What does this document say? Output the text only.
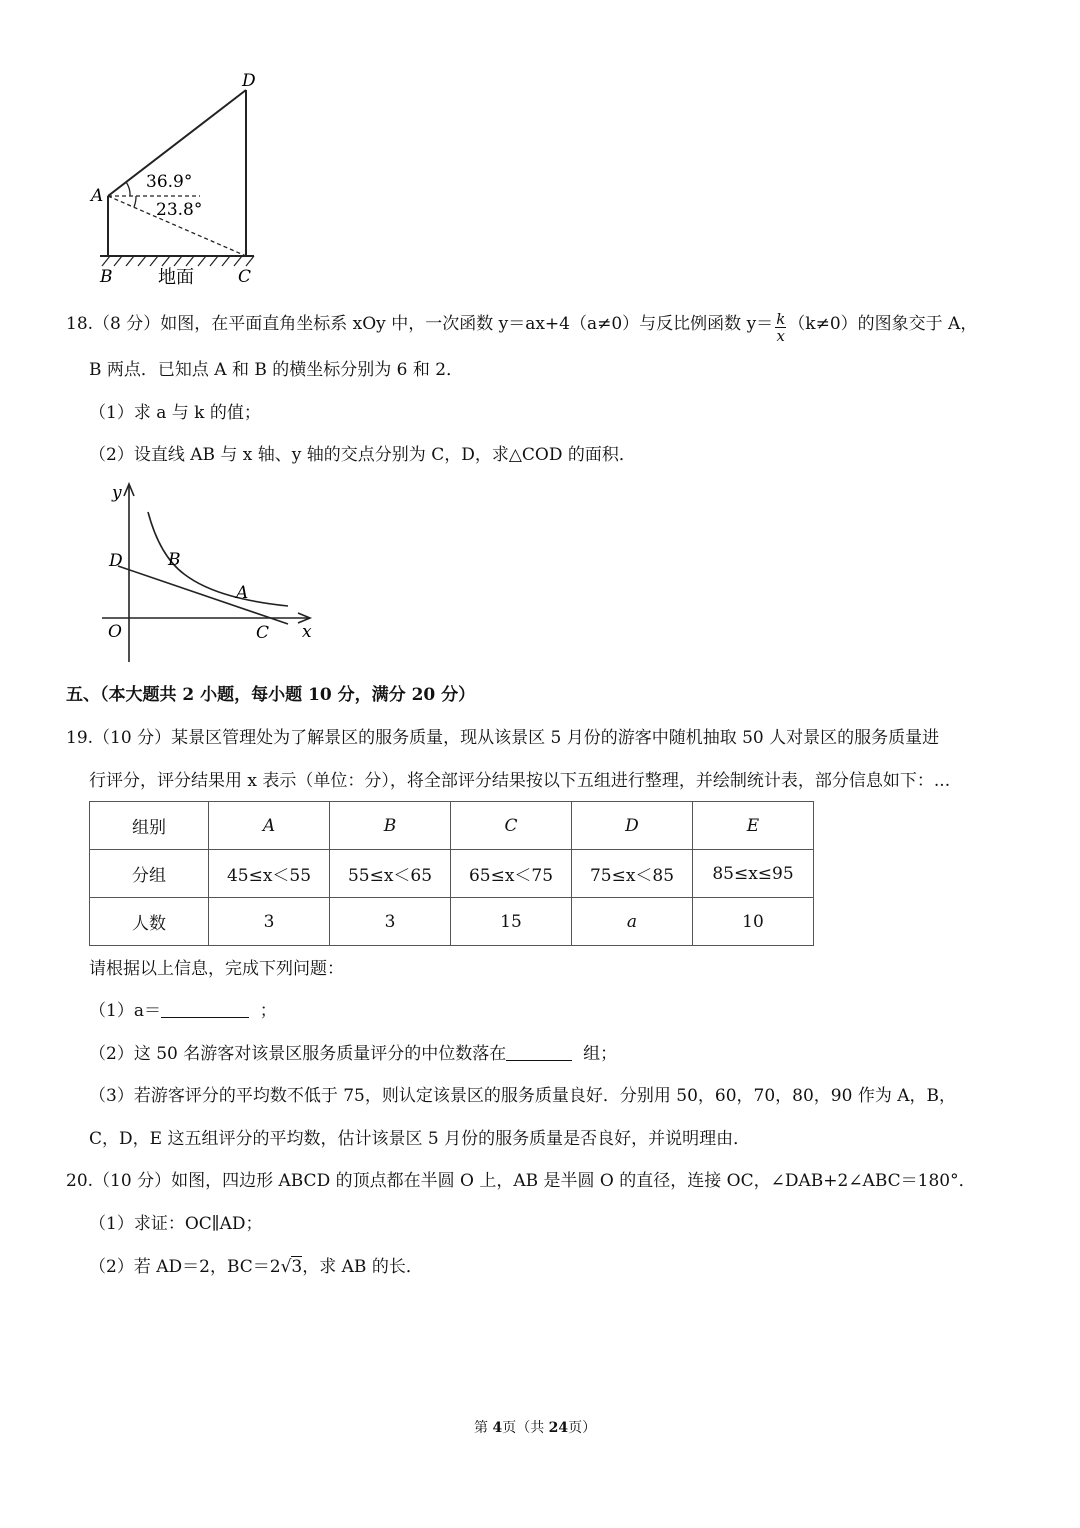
D
A
B	C
36.9°
23.8°
地面
18.（8 分）如图，在平面直角坐标系 xOy 中，一次函数 y＝ax+4（a≠0）与反比例函数 $y= \frac{k}{x} (k\ne 0)$的图象交于 A，
B 两点．已知点 A 和 B 的横坐标分别为 6 和 2．
（1）求 a 与 k 的值；
（2）设直线 AB 与 x 轴、y 轴的交点分别为 C，D，求△COD 的面积．
y
x
O
D	B
A
C
五、（本大题共 2 小题，每小题 10 分，满分 20 分）
19.（10 分）某景区管理处为了解景区的服务质量，现从该景区 5 月份的游客中随机抽取 50 人对景区的服务质量进
行评分，评分结果用 x 表示（单位：分），将全部评分结果按以下五组进行整理，并绘制统计表，部分信息如下：...
组别	A	B	C	D	E
分组	45≤x＜55	55≤x＜65	65≤x＜75	75≤x＜85	85≤x≤95
人数	3	3	15	a	10
请根据以上信息，完成下列问题：
（1）a＝	；
（2）这 50 名游客对该景区服务质量评分的中位数落在	组；
（3）若游客评分的平均数不低于 75，则认定该景区的服务质量良好．分别用 50，60，70，80，90 作为 A，B，
C，D，E 这五组评分的平均数，估计该景区 5 月份的服务质量是否良好，并说明理由．
20.（10 分）如图，四边形 ABCD 的顶点都在半圆 O 上，AB 是半圆 O 的直径，连接 OC，∠DAB+2∠ABC＝180°．
（1）求证：OC∥AD；
（2）若 AD＝2，BC＝2√3，求 AB 的长．
第 4页（共 24页）
